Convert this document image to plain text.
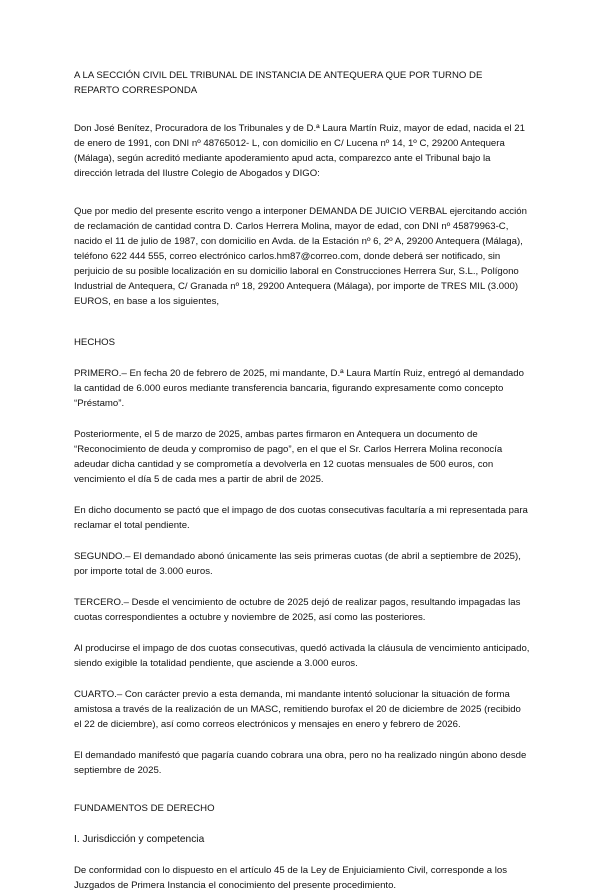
A LA SECCIÓN CIVIL DEL TRIBUNAL DE INSTANCIA DE ANTEQUERA QUE POR TURNO DE REPARTO CORRESPONDA

Don José Benítez, Procuradora de los Tribunales y de D.ª Laura Martín Ruiz, mayor de edad, nacida el 21 de enero de 1991, con DNI nº 48765012- L, con domicilio en C/ Lucena nº 14, 1º C, 29200 Antequera (Málaga), según acreditó mediante apoderamiento apud acta, comparezco ante el Tribunal bajo la dirección letrada del Ilustre Colegio de Abogados y DIGO:

Que por medio del presente escrito vengo a interponer DEMANDA DE JUICIO VERBAL ejercitando acción de reclamación de cantidad contra D. Carlos Herrera Molina, mayor de edad, con DNI nº 45879963-C, nacido el 11 de julio de 1987, con domicilio en Avda. de la Estación nº 6, 2º A, 29200 Antequera (Málaga), teléfono 622 444 555, correo electrónico carlos.hm87@correo.com, donde deberá ser notificado, sin perjuicio de su posible localización en su domicilio laboral en Construcciones Herrera Sur, S.L., Polígono Industrial de Antequera, C/ Granada nº 18, 29200 Antequera (Málaga), por importe de TRES MIL (3.000) EUROS, en base a los siguientes,

HECHOS

PRIMERO.– En fecha 20 de febrero de 2025, mi mandante, D.ª Laura Martín Ruiz, entregó al demandado la cantidad de 6.000 euros mediante transferencia bancaria, figurando expresamente como concepto “Préstamo”.

Posteriormente, el 5 de marzo de 2025, ambas partes firmaron en Antequera un documento de “Reconocimiento de deuda y compromiso de pago”, en el que el Sr. Carlos Herrera Molina reconocía adeudar dicha cantidad y se comprometía a devolverla en 12 cuotas mensuales de 500 euros, con vencimiento el día 5 de cada mes a partir de abril de 2025.

En dicho documento se pactó que el impago de dos cuotas consecutivas facultaría a mi representada para reclamar el total pendiente.

SEGUNDO.– El demandado abonó únicamente las seis primeras cuotas (de abril a septiembre de 2025), por importe total de 3.000 euros.

TERCERO.– Desde el vencimiento de octubre de 2025 dejó de realizar pagos, resultando impagadas las cuotas correspondientes a octubre y noviembre de 2025, así como las posteriores.

Al producirse el impago de dos cuotas consecutivas, quedó activada la cláusula de vencimiento anticipado, siendo exigible la totalidad pendiente, que asciende a 3.000 euros.

CUARTO.– Con carácter previo a esta demanda, mi mandante intentó solucionar la situación de forma amistosa a través de la realización de un MASC, remitiendo burofax el 20 de diciembre de 2025 (recibido el 22 de diciembre), así como correos electrónicos y mensajes en enero y febrero de 2026.

El demandado manifestó que pagaría cuando cobrara una obra, pero no ha realizado ningún abono desde septiembre de 2025.

FUNDAMENTOS DE DERECHO

I. Jurisdicción y competencia

De conformidad con lo dispuesto en el artículo 45 de la Ley de Enjuiciamiento Civil, corresponde a los Juzgados de Primera Instancia el conocimiento del presente procedimiento.
